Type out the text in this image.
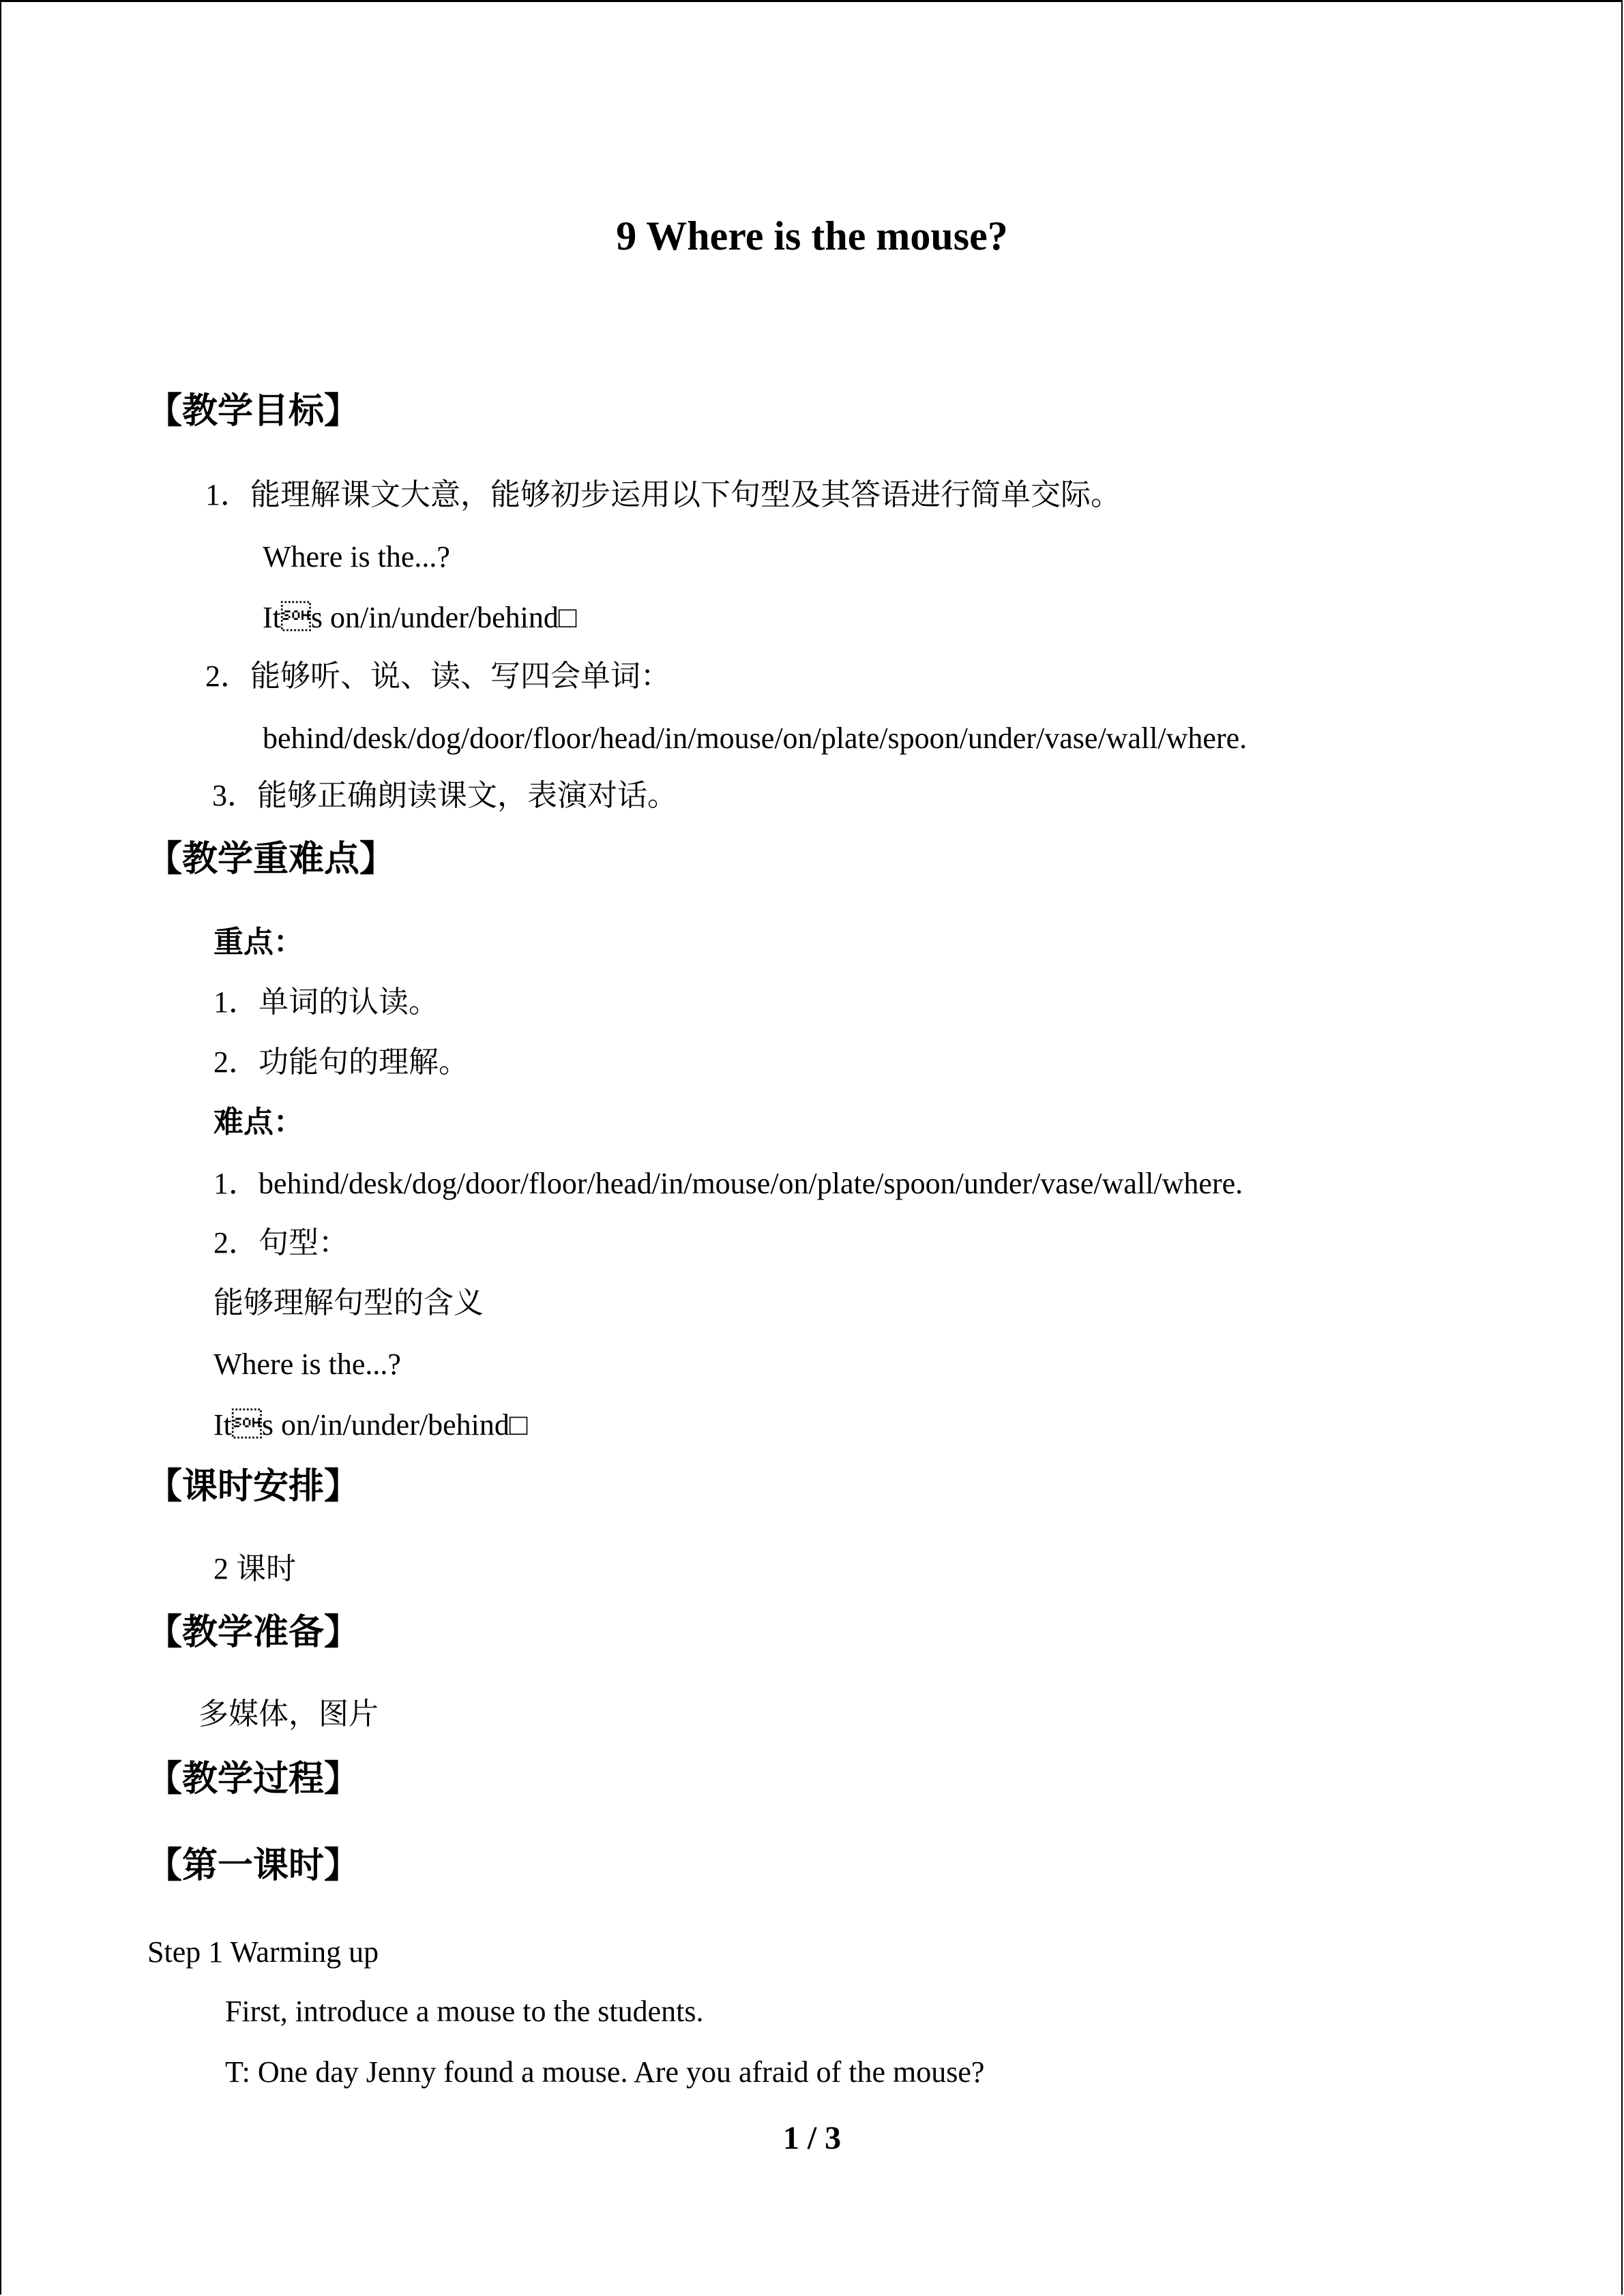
9 Where is the mouse?
【教学目标】
1．能理解课文大意，能够初步运用以下句型及其答语进行简单交际。
Where is the...?
Its on/in/under/behind□
2．能够听、说、读、写四会单词：
behind/desk/dog/door/floor/head/in/mouse/on/plate/spoon/under/vase/wall/where.
3．能够正确朗读课文，表演对话。
【教学重难点】
重点：
1．单词的认读。
2．功能句的理解。
难点：
1．behind/desk/dog/door/floor/head/in/mouse/on/plate/spoon/under/vase/wall/where.
2．句型：
能够理解句型的含义
Where is the...?
Its on/in/under/behind□
【课时安排】
2 课时
【教学准备】
多媒体，图片
【教学过程】
【第一课时】
Step 1 Warming up
First, introduce a mouse to the students.
T: One day Jenny found a mouse. Are you afraid of the mouse?
1 / 3
